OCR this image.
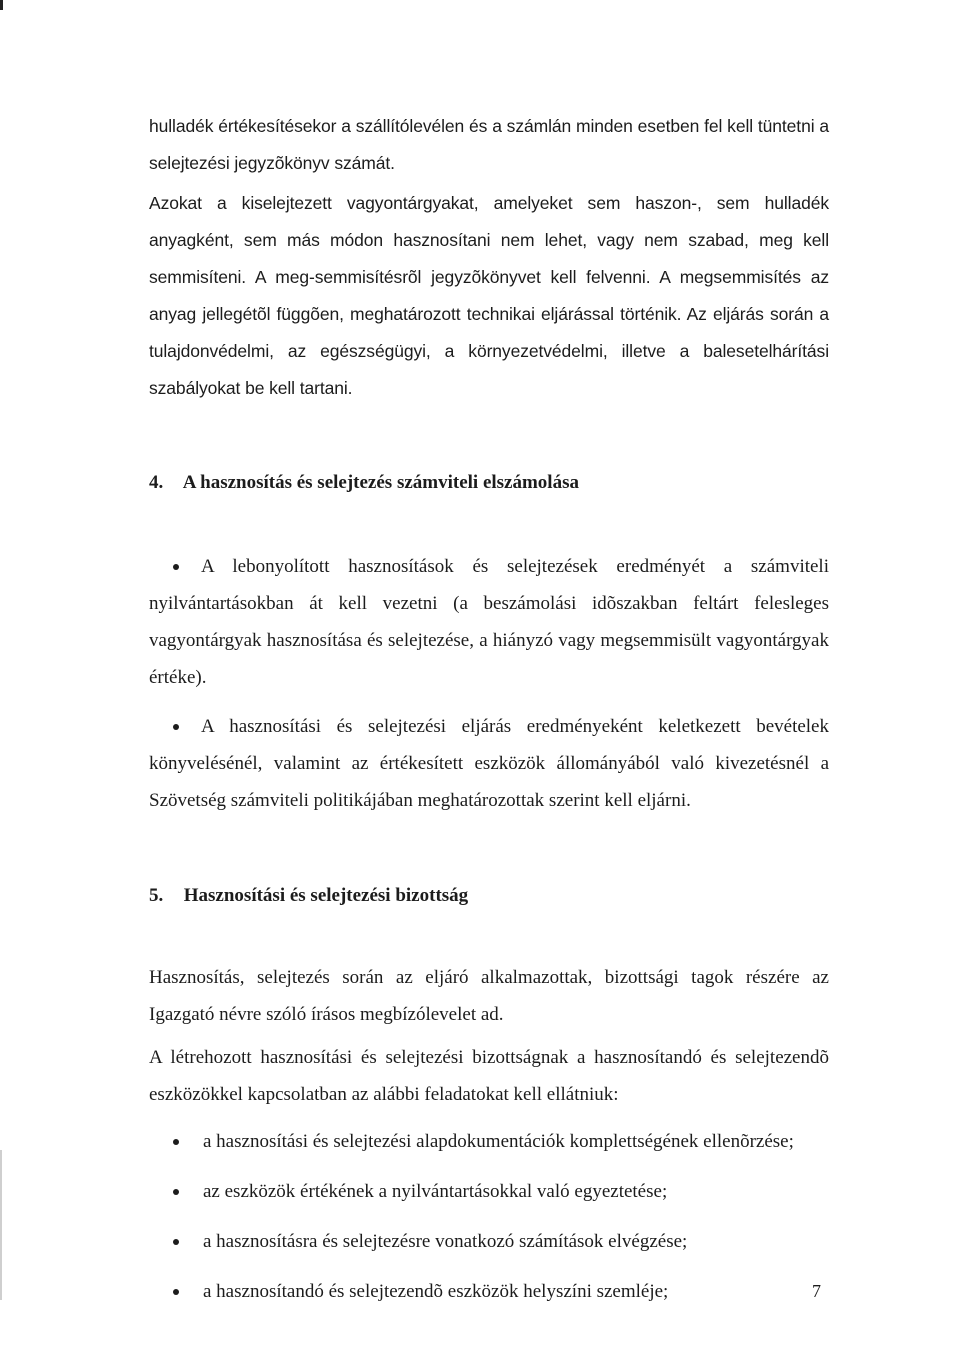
hulladék értékesítésekor a szállítólevélen és a számlán minden esetben fel kell tüntetni a selejtezési jegyzõkönyv számát.

Azokat a kiselejtezett vagyontárgyakat, amelyeket sem haszon-, sem hulladék anyagként, sem más módon hasznosítani nem lehet, vagy nem szabad, meg kell semmisíteni. A meg-semmisítésrõl jegyzõkönyvet kell felvenni. A megsemmisítés az anyag jellegétõl függõen, meghatározott technikai eljárással történik. Az eljárás során a tulajdonvédelmi, az egészségügyi, a környezetvédelmi, illetve a balesetelhárítási szabályokat be kell tartani.

4. A hasznosítás és selejtezés számviteli elszámolása
A lebonyolított hasznosítások és selejtezések eredményét a számviteli nyilvántartásokban át kell vezetni (a beszámolási idõszakban feltárt felesleges vagyontárgyak hasznosítása és selejtezése, a hiányzó vagy megsemmisült vagyontárgyak értéke).
A hasznosítási és selejtezési eljárás eredményeként keletkezett bevételek könyvelésénél, valamint az értékesített eszközök állományából való kivezetésnél a Szövetség számviteli politikájában meghatározottak szerint kell eljárni.
5. Hasznosítási és selejtezési bizottság

Hasznosítás, selejtezés során az eljáró alkalmazottak, bizottsági tagok részére az Igazgató névre szóló írásos megbízólevelet ad.

A létrehozott hasznosítási és selejtezési bizottságnak a hasznosítandó és selejtezendõ eszközökkel kapcsolatban az alábbi feladatokat kell ellátniuk:

a hasznosítási és selejtezési alapdokumentációk komplettségének ellenõrzése;
az eszközök értékének a nyilvántartásokkal való egyeztetése;
a hasznosításra és selejtezésre vonatkozó számítások elvégzése;
a hasznosítandó és selejtezendõ eszközök helyszíni szemléje;	7
